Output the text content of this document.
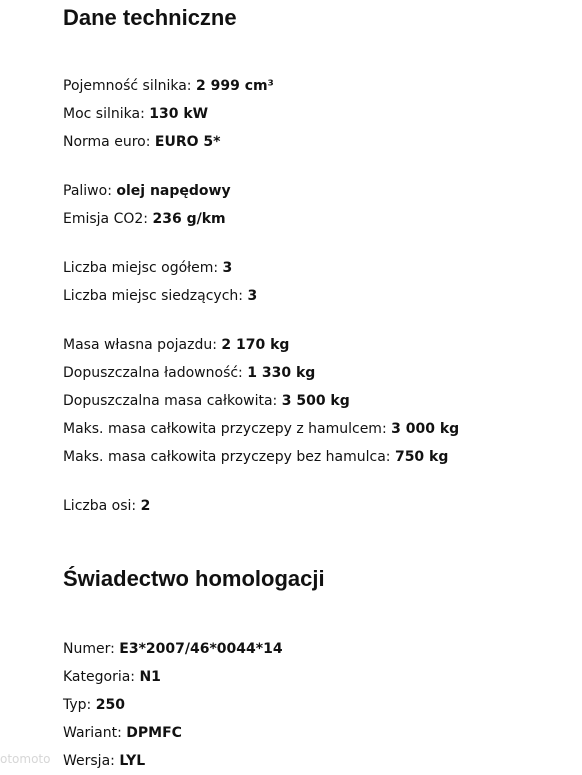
Dane techniczne
Pojemność silnika: 2 999 cm³
Moc silnika: 130 kW
Norma euro: EURO 5*
Paliwo: olej napędowy
Emisja CO2: 236 g/km
Liczba miejsc ogółem: 3
Liczba miejsc siedzących: 3
Masa własna pojazdu: 2 170 kg
Dopuszczalna ładowność: 1 330 kg
Dopuszczalna masa całkowita: 3 500 kg
Maks. masa całkowita przyczepy z hamulcem: 3 000 kg
Maks. masa całkowita przyczepy bez hamulca: 750 kg
Liczba osi: 2
Świadectwo homologacji
Numer: E3*2007/46*0044*14
Kategoria: N1
Typ: 250
Wariant: DPMFC
Wersja: LYL
otomoto
